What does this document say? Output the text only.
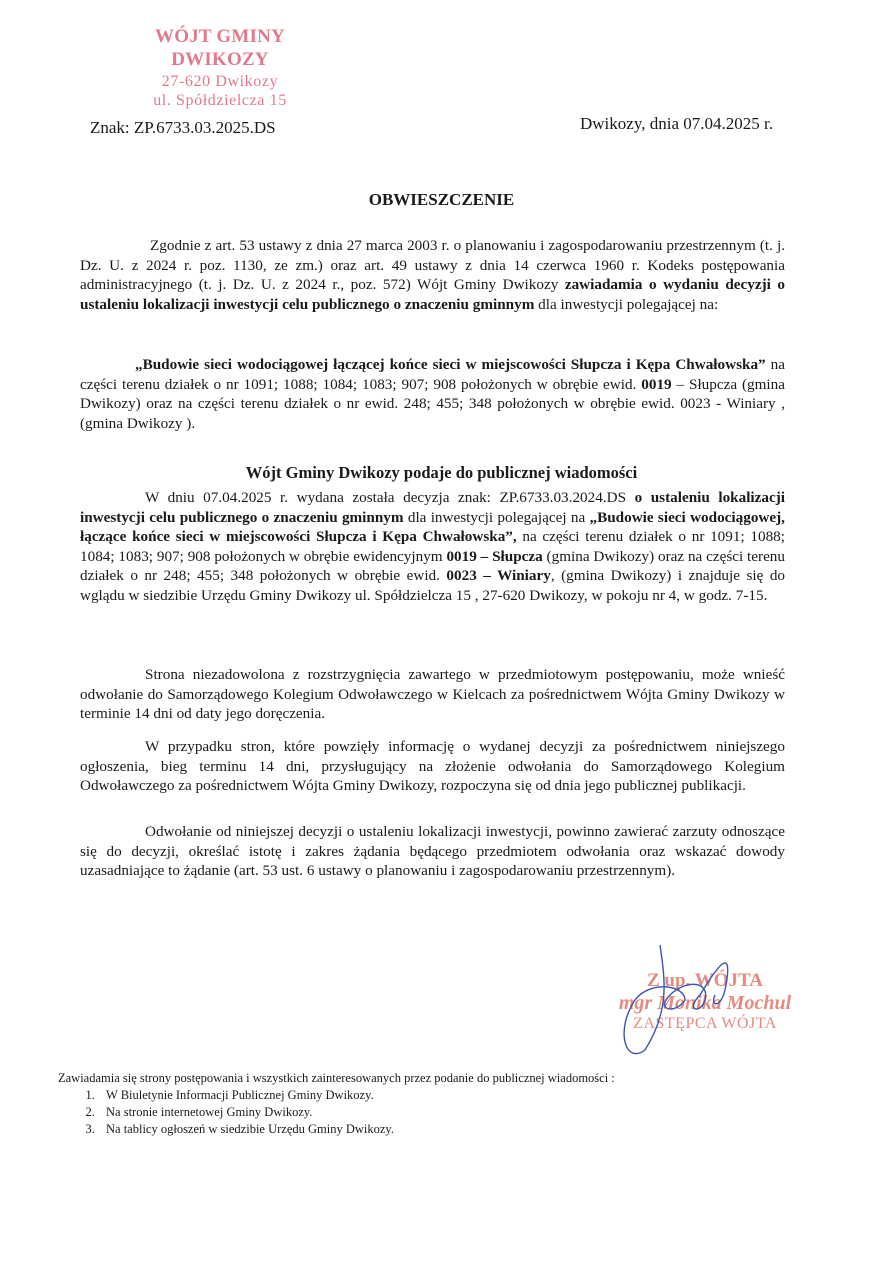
WÓJT GMINY DWIKOZY
27-620 Dwikozy
ul. Spółdzielcza 15
Znak: ZP.6733.03.2025.DS	Dwikozy, dnia 07.04.2025 r.
OBWIESZCZENIE
Zgodnie z art. 53 ustawy z dnia 27 marca 2003 r. o planowaniu i zagospodarowaniu przestrzennym (t. j. Dz. U. z 2024 r. poz. 1130, ze zm.) oraz art. 49 ustawy z dnia 14 czerwca 1960 r. Kodeks postępowania administracyjnego (t. j. Dz. U. z 2024 r., poz. 572) Wójt Gminy Dwikozy zawiadamia o wydaniu decyzji o ustaleniu lokalizacji inwestycji celu publicznego o znaczeniu gminnym dla inwestycji polegającej na:
„Budowie sieci wodociągowej łączącej końce sieci w miejscowości Słupcza i Kępa Chwałowska” na części terenu działek o nr 1091; 1088; 1084; 1083; 907; 908 położonych w obrębie ewid. 0019 – Słupcza (gmina Dwikozy) oraz na części terenu działek o nr ewid. 248; 455; 348 położonych w obrębie ewid. 0023 - Winiary , (gmina Dwikozy ).
Wójt Gminy Dwikozy podaje do publicznej wiadomości
W dniu 07.04.2025 r. wydana została decyzja znak: ZP.6733.03.2024.DS o ustaleniu lokalizacji inwestycji celu publicznego o znaczeniu gminnym dla inwestycji polegającej na „Budowie sieci wodociągowej, łączące końce sieci w miejscowości Słupcza i Kępa Chwałowska”, na części terenu działek o nr 1091; 1088; 1084; 1083; 907; 908 położonych w obrębie ewidencyjnym 0019 – Słupcza (gmina Dwikozy) oraz na części terenu działek o nr 248; 455; 348 położonych w obrębie ewid. 0023 – Winiary, (gmina Dwikozy) i znajduje się do wglądu w siedzibie Urzędu Gminy Dwikozy ul. Spółdzielcza 15 , 27-620 Dwikozy, w pokoju nr 4, w godz. 7-15.
Strona niezadowolona z rozstrzygnięcia zawartego w przedmiotowym postępowaniu, może wnieść odwołanie do Samorządowego Kolegium Odwoławczego w Kielcach za pośrednictwem Wójta Gminy Dwikozy w terminie 14 dni od daty jego doręczenia.
W przypadku stron, które powzięły informację o wydanej decyzji za pośrednictwem niniejszego ogłoszenia, bieg terminu 14 dni, przysługujący na złożenie odwołania do Samorządowego Kolegium Odwoławczego za pośrednictwem Wójta Gminy Dwikozy, rozpoczyna się od dnia jego publicznej publikacji.
Odwołanie od niniejszej decyzji o ustaleniu lokalizacji inwestycji, powinno zawierać zarzuty odnoszące się do decyzji, określać istotę i zakres żądania będącego przedmiotem odwołania oraz wskazać dowody uzasadniające to żądanie (art. 53 ust. 6 ustawy o planowaniu i zagospodarowaniu przestrzennym).
Z up. WÓJTA
mgr Monika Mochul
ZASTĘPCA WÓJTA
Zawiadamia się strony postępowania i wszystkich zainteresowanych przez podanie do publicznej wiadomości :
1. W Biuletynie Informacji Publicznej Gminy Dwikozy.
2. Na stronie internetowej Gminy Dwikozy.
3. Na tablicy ogłoszeń w siedzibie Urzędu Gminy Dwikozy.
